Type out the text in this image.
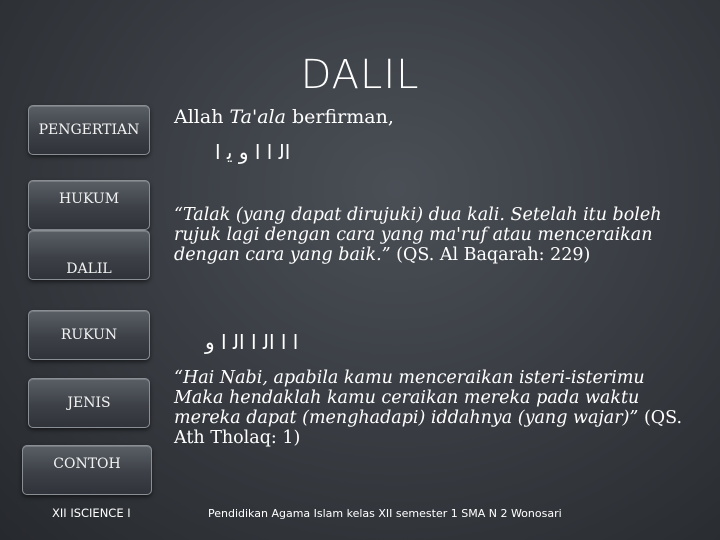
DALIL
PENGERTIAN
HUKUM
DALIL
RUKUN
JENIS
CONTOH
Allah Ta'ala berfirman,
ﺍﻟ ﺍ ﺍ ﻭ ﻳ ﺍ
“Talak (yang dapat dirujuki) dua kali. Setelah itu boleh rujuk lagi dengan cara yang ma'ruf atau menceraikan dengan cara yang baik.” (QS. Al Baqarah: 229)
ﺍ ﺍ ﺍﻟ ﺍ ﺍﻟ ﺍ ﻭ
“Hai Nabi, apabila kamu menceraikan isteri-isterimu Maka hendaklah kamu ceraikan mereka pada waktu mereka dapat (menghadapi) iddahnya (yang wajar)” (QS. Ath Tholaq: 1)
XII ISCIENCE I	Pendidikan Agama Islam kelas XII semester 1 SMA N 2 Wonosari
